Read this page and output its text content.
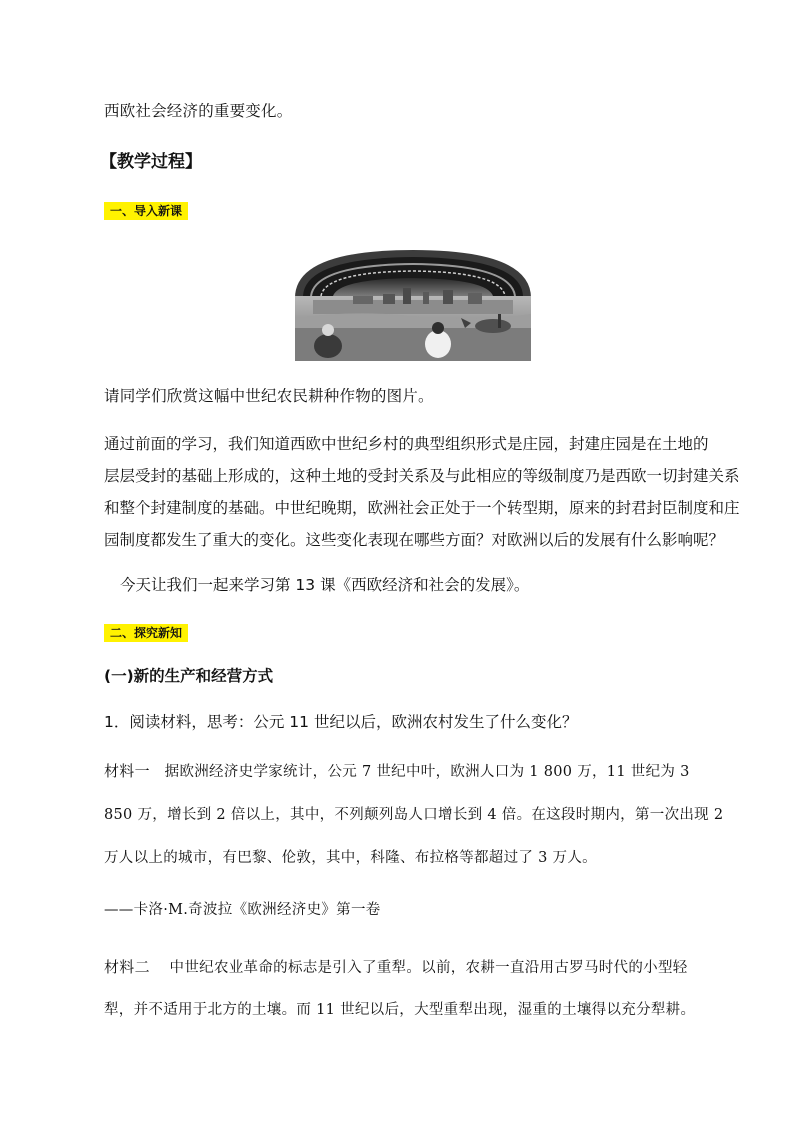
西欧社会经济的重要变化。
【教学过程】
一、导入新课
请同学们欣赏这幅中世纪农民耕种作物的图片。
通过前面的学习，我们知道西欧中世纪乡村的典型组织形式是庄园，封建庄园是在土地的
层层受封的基础上形成的，这种土地的受封关系及与此相应的等级制度乃是西欧一切封建关系
和整个封建制度的基础。中世纪晚期，欧洲社会正处于一个转型期，原来的封君封臣制度和庄
园制度都发生了重大的变化。这些变化表现在哪些方面？对欧洲以后的发展有什么影响呢？
今天让我们一起来学习第 13 课《西欧经济和社会的发展》。
二、探究新知
(一)新的生产和经营方式
1．阅读材料，思考：公元 11 世纪以后，欧洲农村发生了什么变化？
材料一 据欧洲经济史学家统计，公元 7 世纪中叶，欧洲人口为 1 800 万，11 世纪为 3
850 万，增长到 2 倍以上，其中，不列颠列岛人口增长到 4 倍。在这段时期内，第一次出现 2
万人以上的城市，有巴黎、伦敦，其中，科隆、布拉格等都超过了 3 万人。
——卡洛·M.奇波拉《欧洲经济史》第一卷
材料二 中世纪农业革命的标志是引入了重犁。以前，农耕一直沿用古罗马时代的小型轻
犁，并不适用于北方的土壤。而 11 世纪以后，大型重犁出现，湿重的土壤得以充分犁耕。
